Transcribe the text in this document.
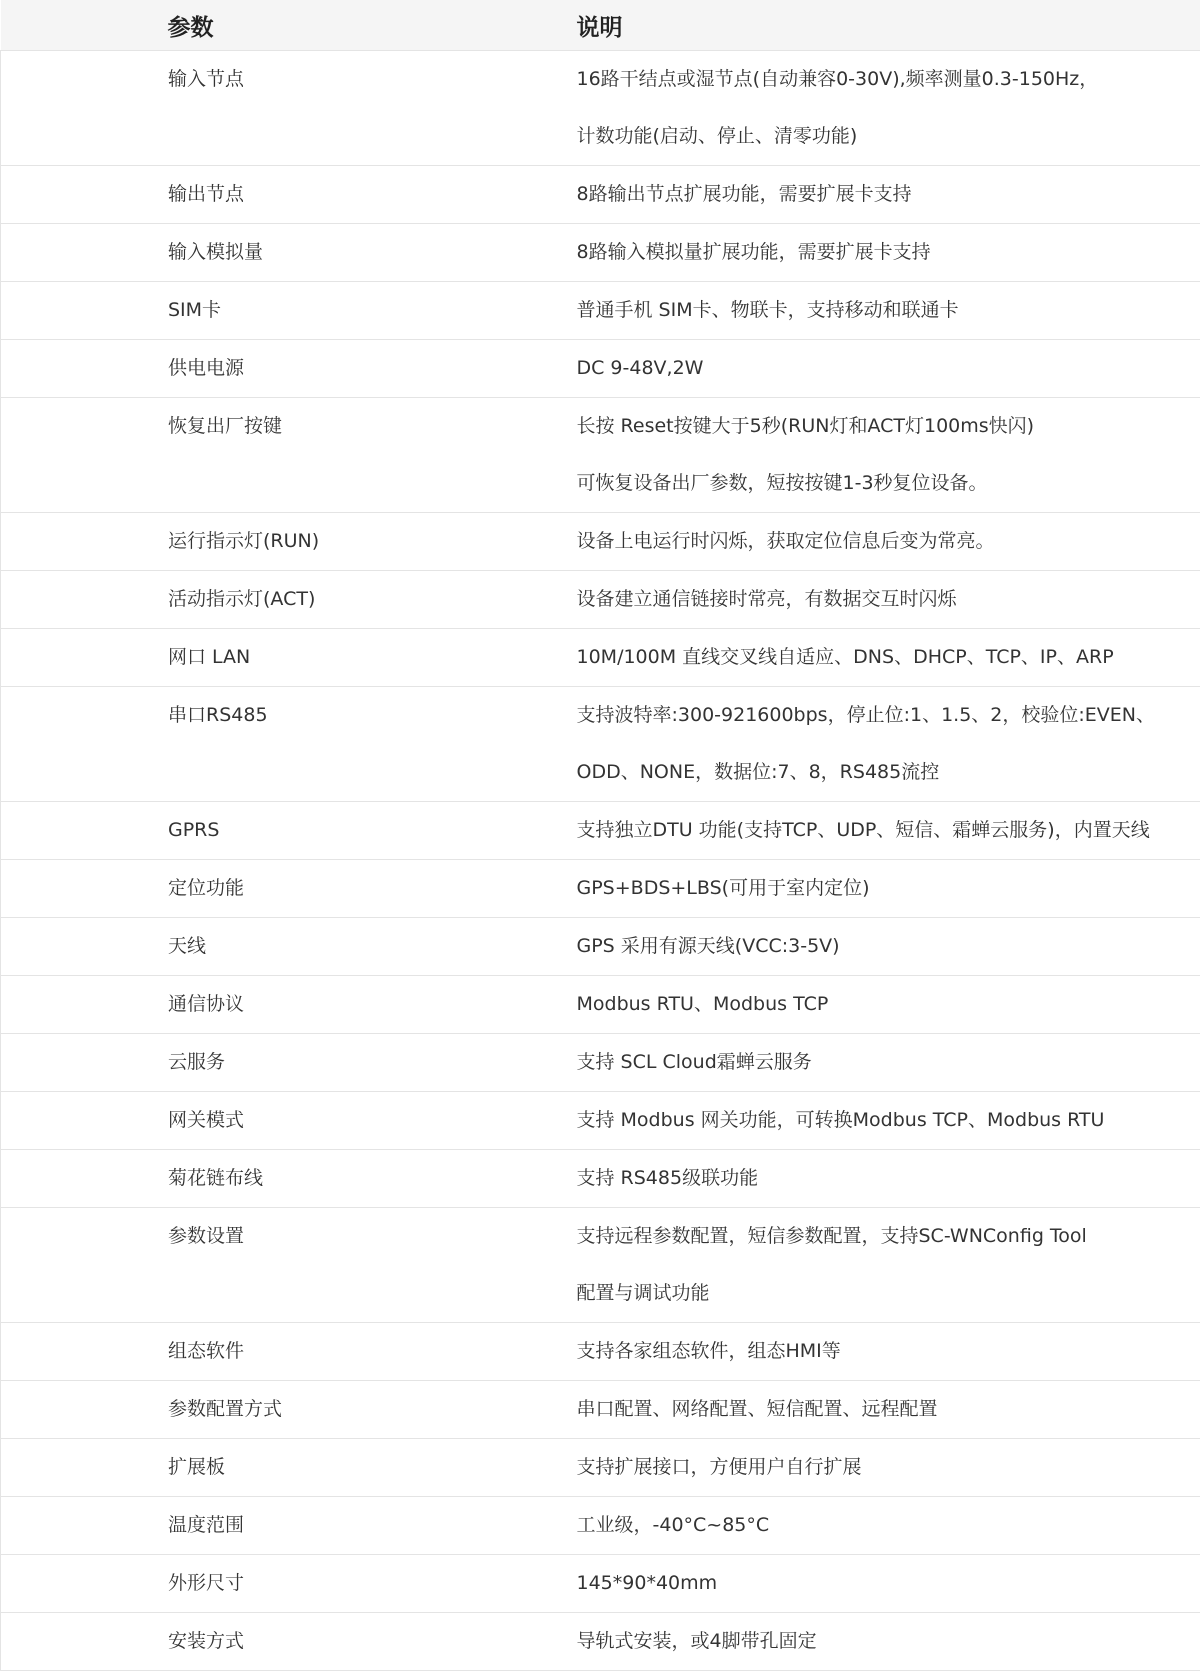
参数	说明

输入节点	16路干结点或湿节点(自动兼容0-30V),频率测量0.3-150Hz，
计数功能(启动、停止、清零功能)

输出节点	8路输出节点扩展功能，需要扩展卡支持

输入模拟量	8路输入模拟量扩展功能，需要扩展卡支持

SIM卡	普通手机 SIM卡、物联卡，支持移动和联通卡

供电电源	DC 9-48V,2W

恢复出厂按键	长按 Reset按键大于5秒(RUN灯和ACT灯100ms快闪)
可恢复设备出厂参数，短按按键1-3秒复位设备。

运行指示灯(RUN)	设备上电运行时闪烁，获取定位信息后变为常亮。

活动指示灯(ACT)	设备建立通信链接时常亮，有数据交互时闪烁

网口 LAN	10M/100M 直线交叉线自适应、DNS、DHCP、TCP、IP、ARP

串口RS485	支持波特率:300-921600bps，停止位:1、1.5、2，校验位:EVEN、
ODD、NONE，数据位:7、8，RS485流控

GPRS	支持独立DTU 功能(支持TCP、UDP、短信、霜蝉云服务)，内置天线

定位功能	GPS+BDS+LBS(可用于室内定位)

天线	GPS 采用有源天线(VCC:3-5V)

通信协议	Modbus RTU、Modbus TCP

云服务	支持 SCL Cloud霜蝉云服务

网关模式	支持 Modbus 网关功能，可转换Modbus TCP、Modbus RTU

菊花链布线	支持 RS485级联功能

参数设置	支持远程参数配置，短信参数配置，支持SC-WNConfig Tool
配置与调试功能

组态软件	支持各家组态软件，组态HMI等

参数配置方式	串口配置、网络配置、短信配置、远程配置

扩展板	支持扩展接口，方便用户自行扩展

温度范围	工业级，-40°C~85°C

外形尺寸	145*90*40mm

安装方式	导轨式安装，或4脚带孔固定
